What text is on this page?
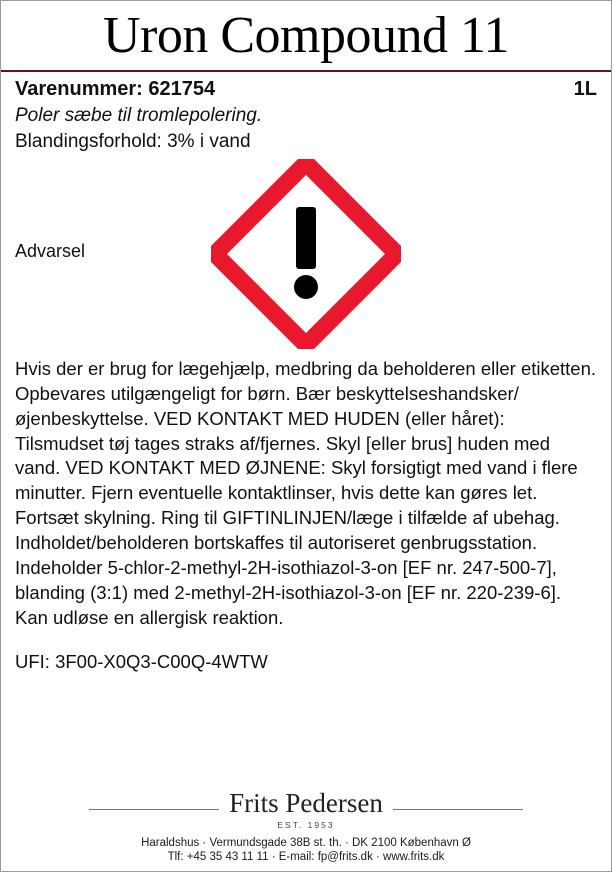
Uron Compound 11
Varenummer: 621754	1L
Poler sæbe til tromlepolering.
Blandingsforhold: 3% i vand
Advarsel

Hvis der er brug for lægehjælp, medbring da beholderen eller etiketten. Opbevares utilgængeligt for børn. Bær beskyttelseshandsker/øjenbeskyttelse. VED KONTAKT MED HUDEN (eller håret): Tilsmudset tøj tages straks af/fjernes. Skyl [eller brus] huden med vand. VED KONTAKT MED ØJNENE: Skyl forsigtigt med vand i flere minutter. Fjern eventuelle kontaktlinser, hvis dette kan gøres let. Fortsæt skylning. Ring til GIFTINLINJEN/læge i tilfælde af ubehag. Indholdet/beholderen bortskaffes til autoriseret genbrugsstation.

Indeholder 5-chlor-2-methyl-2H-isothiazol-3-on [EF nr. 247-500-7], blanding (3:1) med 2-methyl-2H-isothiazol-3-on [EF nr. 220-239-6]. Kan udløse en allergisk reaktion.

UFI: 3F00-X0Q3-C00Q-4WTW
Frits Pedersen
EST. 1953
Haraldshus · Vermundsgade 38B st. th. · DK 2100 København Ø
Tlf: +45 35 43 11 11 · E-mail: fp@frits.dk · www.frits.dk
